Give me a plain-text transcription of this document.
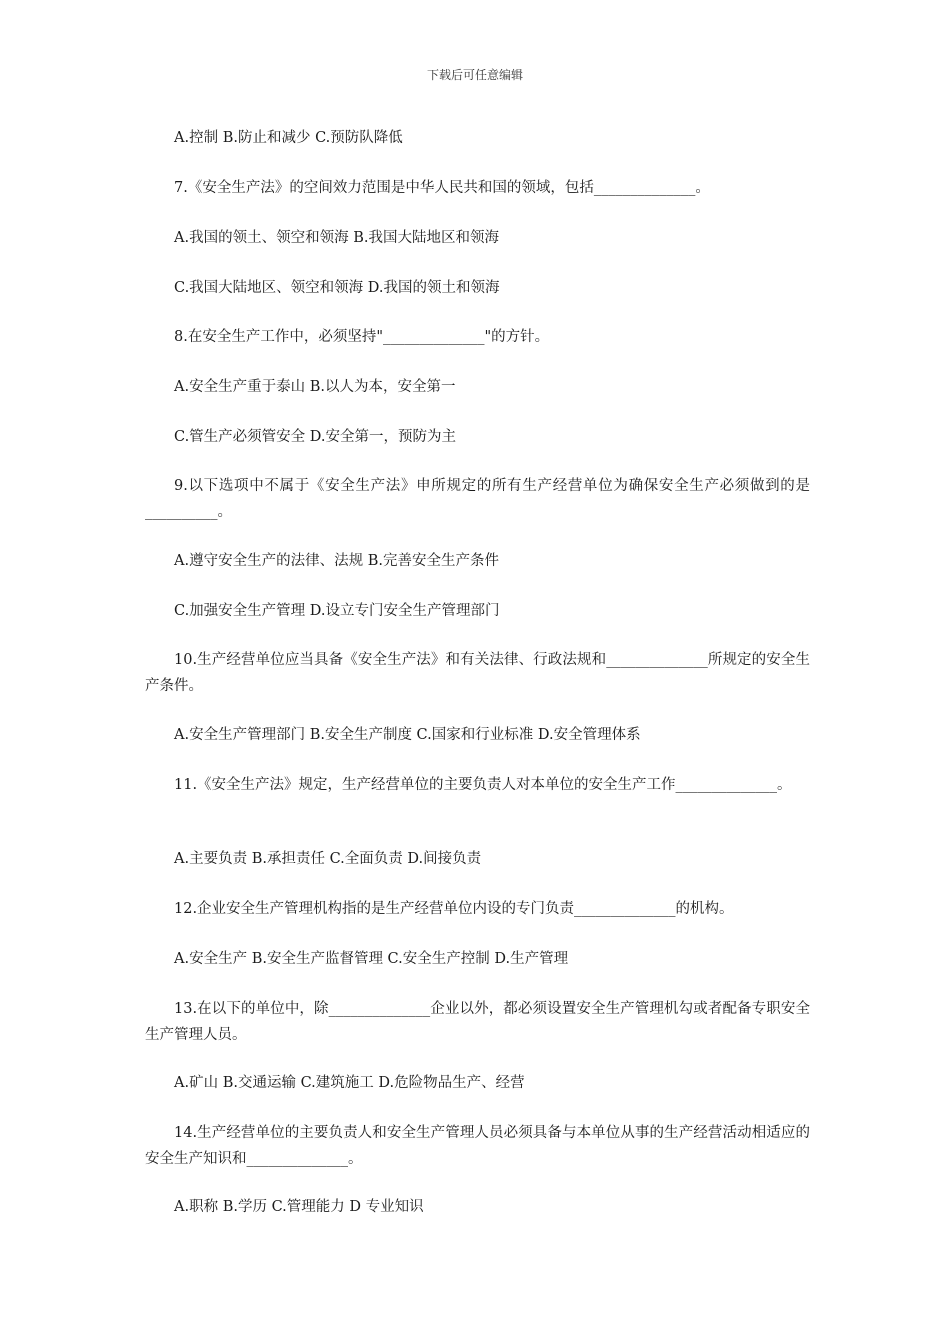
下载后可任意编辑
A.控制 B.防止和减少 C.预防队降低
7.《安全生产法》的空间效力范围是中华人民共和国的领域，包括______________。
A.我国的领土、领空和领海 B.我国大陆地区和领海
C.我国大陆地区、领空和领海 D.我国的领土和领海
8.在安全生产工作中，必须坚持"______________"的方针。
A.安全生产重于泰山 B.以人为本，安全第一
C.管生产必须管安全 D.安全第一，预防为主
9.以下选项中不属于《安全生产法》申所规定的所有生产经营单位为确保安全生产必须做到的是__________。
A.遵守安全生产的法律、法规 B.完善安全生产条件
C.加强安全生产管理 D.设立专门安全生产管理部门
10.生产经营单位应当具备《安全生产法》和有关法律、行政法规和______________所规定的安全生产条件。
A.安全生产管理部门 B.安全生产制度 C.国家和行业标准 D.安全管理体系
11.《安全生产法》规定，生产经营单位的主要负责人对本单位的安全生产工作______________。
A.主要负责 B.承担责任 C.全面负责 D.间接负责
12.企业安全生产管理机构指的是生产经营单位内设的专门负责______________的机构。
A.安全生产 B.安全生产监督管理 C.安全生产控制 D.生产管理
13.在以下的单位中，除______________企业以外，都必须设置安全生产管理机勾或者配备专职安全生产管理人员。
A.矿山 B.交通运输 C.建筑施工 D.危险物品生产、经营
14.生产经营单位的主要负责人和安全生产管理人员必须具备与本单位从事的生产经营活动相适应的安全生产知识和______________。
A.职称 B.学历 C.管理能力 D 专业知识
